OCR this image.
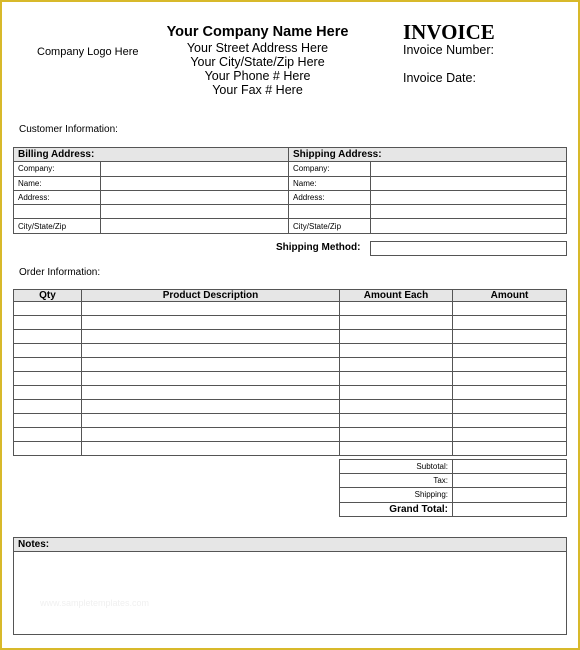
Company Logo Here
Your Company Name Here
Your Street Address Here
Your City/State/Zip Here
Your Phone # Here
Your Fax # Here
INVOICE
Invoice Number:
Invoice Date:
Customer Information:
Billing Address:		Shipping Address:	
Company:		Company:	
Name:		Name:	
Address:		Address:	

City/State/Zip		City/State/Zip	
Shipping Method:
Order Information:
Qty	Product Description	Amount Each	Amount

Subtotal:	
Tax:	
Shipping:	
Grand Total:	
Notes:
www.sampletemplates.com
